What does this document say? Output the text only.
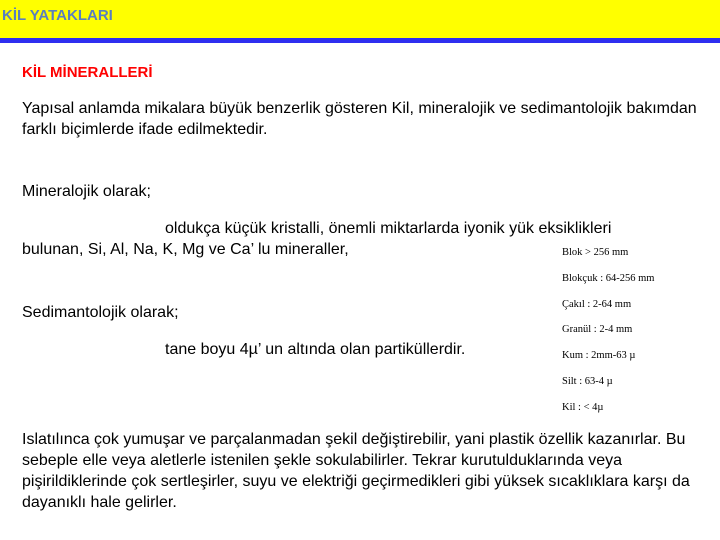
KİL YATAKLARI
KİL MİNERALLERİ
Yapısal anlamda mikalara büyük benzerlik gösteren Kil, mineralojik ve sedimantolojik bakımdan farklı biçimlerde ifade edilmektedir.
Mineralojik olarak;
oldukça küçük kristalli, önemli miktarlarda iyonik yük eksiklikleri
bulunan, Si, Al, Na, K, Mg ve Ca’ lu mineraller,
Sedimantolojik olarak;
tane boyu 4µ’ un altında olan partiküllerdir.
Blok > 256 mm
Blokçuk : 64-256 mm
Çakıl : 2-64 mm
Granül : 2-4 mm
Kum : 2mm-63 µ
Silt : 63-4 µ
Kil : < 4µ
Islatılınca çok yumuşar ve parçalanmadan şekil değiştirebilir, yani plastik özellik kazanırlar. Bu sebeple elle veya aletlerle istenilen şekle sokulabilirler. Tekrar kurutulduklarında veya pişirildiklerinde çok sertleşirler, suyu ve elektriği geçirmedikleri gibi yüksek sıcaklıklara karşı da dayanıklı hale gelirler.
